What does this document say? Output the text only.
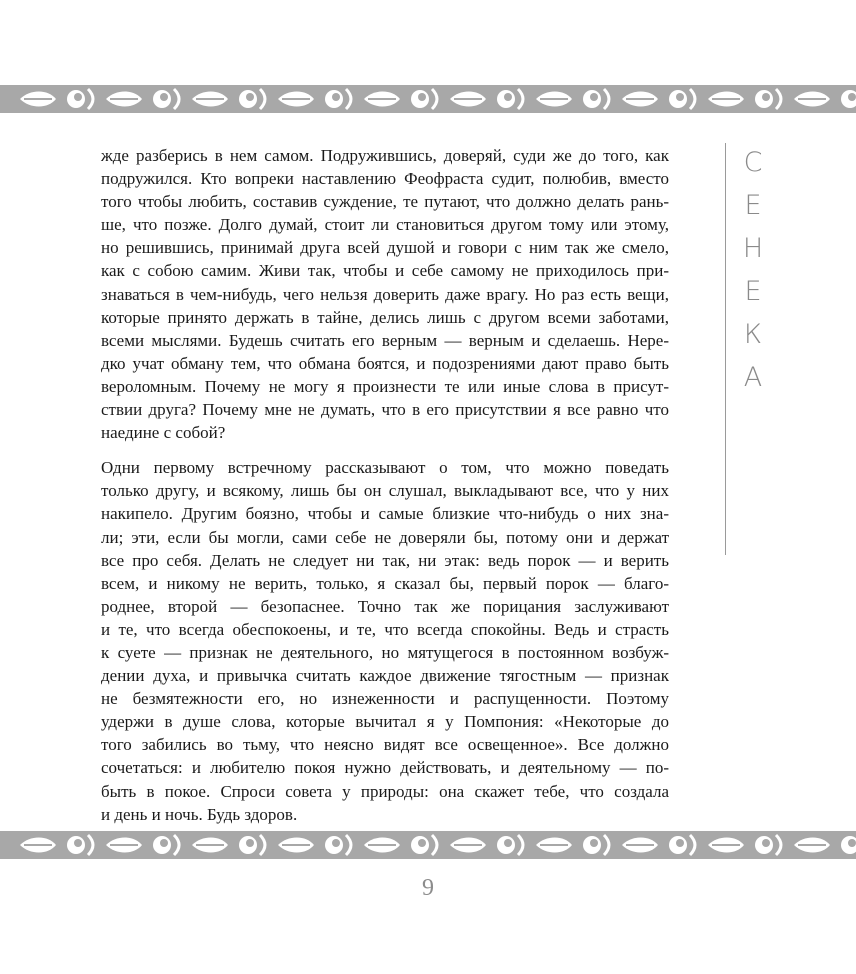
жде разберись в нем самом. Подружившись, доверяй, суди же до того, как
подружился. Кто вопреки наставлению Феофраста судит, полюбив, вместо
того чтобы любить, составив суждение, те путают, что должно делать рань-
ше, что позже. Долго думай, стоит ли становиться другом тому или этому,
но решившись, принимай друга всей душой и говори с ним так же смело,
как с собою самим. Живи так, чтобы и себе самому не приходилось при-
знаваться в чем-нибудь, чего нельзя доверить даже врагу. Но раз есть вещи,
которые принято держать в тайне, делись лишь с другом всеми заботами,
всеми мыслями. Будешь считать его верным — верным и сделаешь. Нере-
дко учат обману тем, что обмана боятся, и подозрениями дают право быть
вероломным. Почему не могу я произнести те или иные слова в присут-
ствии друга? Почему мне не думать, что в его присутствии я все равно что
наедине с собой?
Одни первому встречному рассказывают о том, что можно поведать
только другу, и всякому, лишь бы он слушал, выкладывают все, что у них
накипело. Другим боязно, чтобы и самые близкие что-нибудь о них зна-
ли; эти, если бы могли, сами себе не доверяли бы, потому они и держат
все про себя. Делать не следует ни так, ни этак: ведь порок — и верить
всем, и никому не верить, только, я сказал бы, первый порок — благо-
роднее, второй — безопаснее. Точно так же порицания заслуживают
и те, что всегда обеспокоены, и те, что всегда спокойны. Ведь и страсть
к суете — признак не деятельного, но мятущегося в постоянном возбуж-
дении духа, и привычка считать каждое движение тягостным — признак
не безмятежности его, но изнеженности и распущенности. Поэтому
удержи в душе слова, которые вычитал я у Помпония: «Некоторые до
того забились во тьму, что неясно видят все освещенное». Все должно
сочетаться: и любителю покоя нужно действовать, и деятельному — по-
быть в покое. Спроси совета у природы: она скажет тебе, что создала
и день и ночь. Будь здоров.
С
Е
Н
Е
К
А
9
